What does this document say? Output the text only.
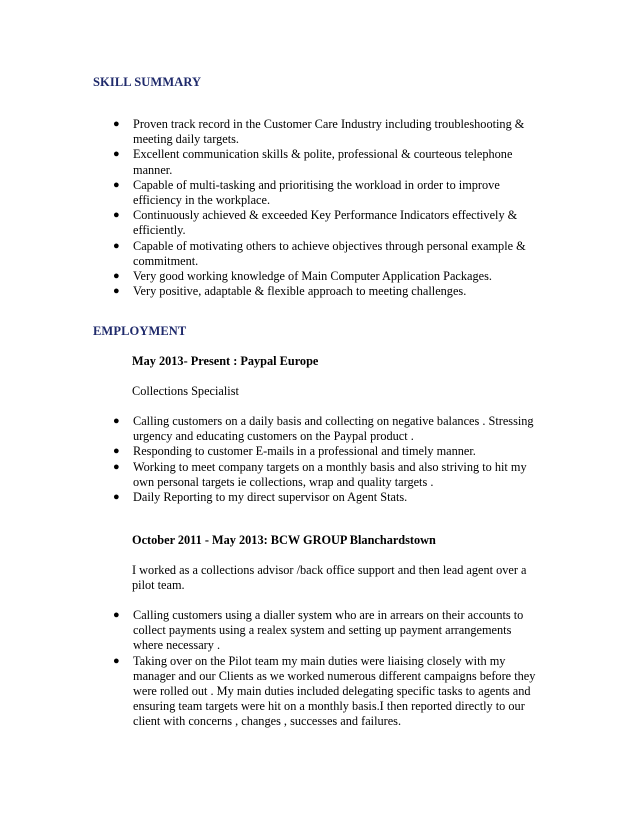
SKILL SUMMARY
● Proven track record in the Customer Care Industry including troubleshooting & meeting daily targets.
● Excellent communication skills & polite, professional & courteous telephone manner.
● Capable of multi-tasking and prioritising the workload in order to improve efficiency in the workplace.
● Continuously achieved & exceeded Key Performance Indicators effectively & efficiently.
● Capable of motivating others to achieve objectives through personal example & commitment.
● Very good working knowledge of Main Computer Application Packages.
● Very positive, adaptable & flexible approach to meeting challenges.
EMPLOYMENT
May 2013- Present : Paypal Europe
Collections Specialist
● Calling customers on a daily basis and collecting on negative balances . Stressing urgency and educating customers on the Paypal product .
● Responding to customer E-mails in a professional and timely manner.
● Working to meet company targets on a monthly basis and also striving to hit my own personal targets ie collections, wrap and quality targets .
● Daily Reporting to my direct supervisor on Agent Stats.
October 2011 - May 2013: BCW GROUP Blanchardstown
I worked as a collections advisor /back office support and then lead agent over a pilot team.
● Calling customers using a dialler system who are in arrears on their accounts to collect payments using a realex system and setting up payment arrangements where necessary .
● Taking over on the Pilot team my main duties were liaising closely with my manager and our Clients as we worked numerous different campaigns before they were rolled out . My main duties included delegating specific tasks to agents and ensuring team targets were hit on a monthly basis.I then reported directly to our client with concerns , changes , successes and failures.
